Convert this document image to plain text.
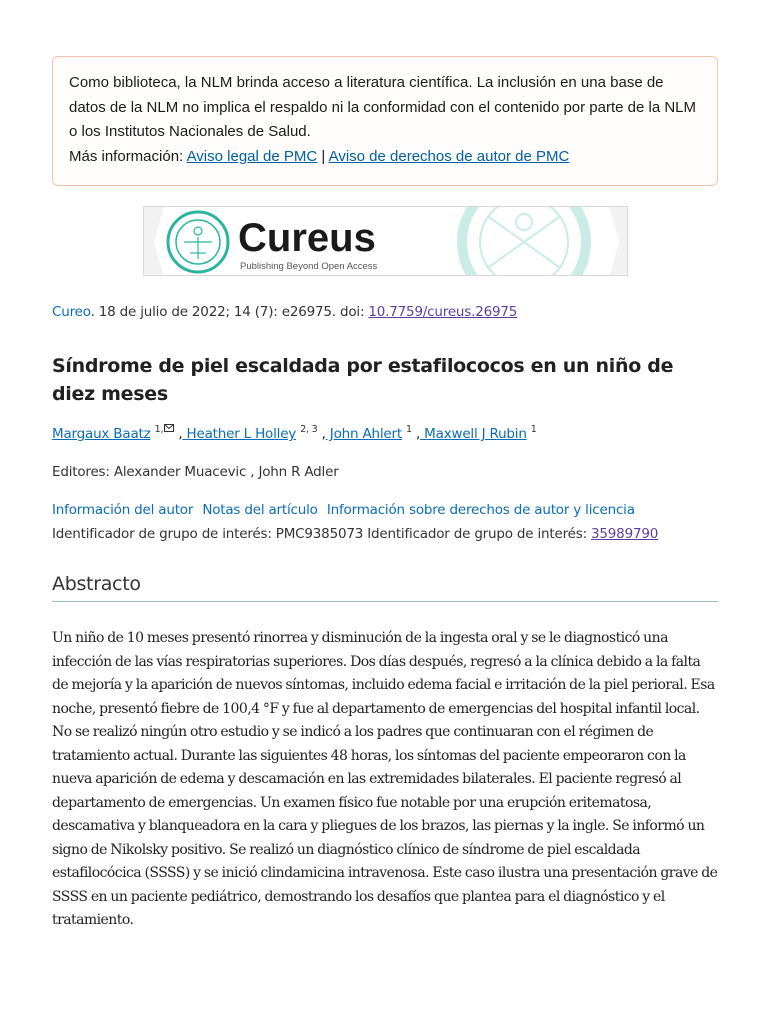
Como biblioteca, la NLM brinda acceso a literatura científica. La inclusión en una base de datos de la NLM no implica el respaldo ni la conformidad con el contenido por parte de la NLM o los Institutos Nacionales de Salud.
Más información: Aviso legal de PMC | Aviso de derechos de autor de PMC
Cureus
Publishing Beyond Open Access
Cureo. 18 de julio de 2022; 14 (7): e26975. doi: 10.7759/cureus.26975
Síndrome de piel escaldada por estafilococos en un niño de diez meses
Margaux Baatz $^{1,}$ , Heather L Holley $^{2, 3}$ , John Ahlert $^1$ , Maxwell J Rubin $^1$
Editores: Alexander Muacevic , John R Adler
Información del autor Notas del artículo Información sobre derechos de autor y licencia
Identificador de grupo de interés: PMC9385073 Identificador de grupo de interés: 35989790
Abstracto

Un niño de 10 meses presentó rinorrea y disminución de la ingesta oral y se le diagnosticó una infección de las vías respiratorias superiores. Dos días después, regresó a la clínica debido a la falta de mejoría y la aparición de nuevos síntomas, incluido edema facial e irritación de la piel perioral. Esa noche, presentó fiebre de 100,4 °F y fue al departamento de emergencias del hospital infantil local. No se realizó ningún otro estudio y se indicó a los padres que continuaran con el régimen de tratamiento actual. Durante las siguientes 48 horas, los síntomas del paciente empeoraron con la nueva aparición de edema y descamación en las extremidades bilaterales. El paciente regresó al departamento de emergencias. Un examen físico fue notable por una erupción eritematosa, descamativa y blanqueadora en la cara y pliegues de los brazos, las piernas y la ingle. Se informó un signo de Nikolsky positivo. Se realizó un diagnóstico clínico de síndrome de piel escaldada estafilocócica (SSSS) y se inició clindamicina intravenosa. Este caso ilustra una presentación grave de SSSS en un paciente pediátrico, demostrando los desafíos que plantea para el diagnóstico y el tratamiento.
